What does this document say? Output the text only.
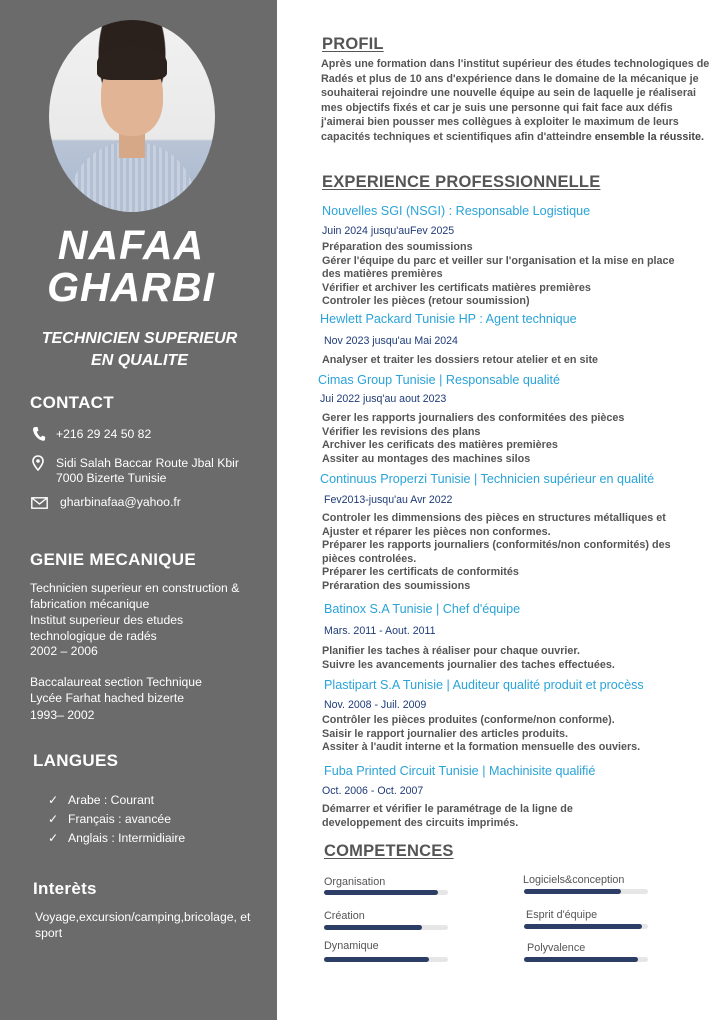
NAFAA
GHARBI
TECHNICIEN SUPERIEUR
EN QUALITE
CONTACT
+216 29 24 50 82
Sidi Salah Baccar Route Jbal Kbir
7000 Bizerte Tunisie
gharbinafaa@yahoo.fr
GENIE MECANIQUE
Technicien superieur en construction &
fabrication mécanique
Institut superieur des etudes
technologique de radés
2002 – 2006
Baccalaureat section Technique
Lycée Farhat hached bizerte
1993– 2002
LANGUES
✓ Arabe : Courant
✓ Français : avancée
✓ Anglais : Intermidiaire
Interèts
Voyage,excursion/camping,bricolage, et
sport
PROFIL
Après une formation dans l'institut supérieur des études technologiques de Radés et plus de 10 ans d'expérience dans le domaine de la mécanique je souhaiterai rejoindre une nouvelle équipe au sein de laquelle je réaliserai mes objectifs fixés et car je suis une personne qui fait face aux défis j'aimerai bien pousser mes collègues à exploiter le maximum de leurs capacités techniques et scientifiques afin d'atteindre ensemble la réussite.
EXPERIENCE PROFESSIONNELLE
Nouvelles SGI (NSGI) : Responsable Logistique
Juin 2024 jusqu'auFev 2025
Préparation des soumissions
Gérer l'équipe du parc et veiller sur l'organisation et la mise en place
des matières premières
Vérifier et archiver les certificats matières premières
Controler les pièces (retour soumission)
Hewlett Packard Tunisie HP : Agent technique
Nov 2023 jusqu'au Mai 2024
Analyser et traiter les dossiers retour atelier et en site
Cimas Group Tunisie | Responsable qualité
Jui 2022 jusq'au aout 2023
Gerer les rapports journaliers des conformitées des pièces
Vérifier les revisions des plans
Archiver les cerificats des matières premières
Assiter au montages des machines silos
Continuus Properzi Tunisie | Technicien supérieur en qualité
Fev2013-jusqu'au Avr 2022
Controler les dimmensions des pièces en structures métalliques et
Ajuster et réparer les pièces non conformes.
Préparer les rapports journaliers (conformités/non conformités) des
pièces controlées.
Préparer les certificats de conformités
Préraration des soumissions
Batinox S.A Tunisie | Chef d'équipe
Mars. 2011 - Aout. 2011
Planifier les taches à réaliser pour chaque ouvrier.
Suivre les avancements journalier des taches effectuées.
Plastipart S.A Tunisie | Auditeur qualité produit et procèss
Nov. 2008 - Juil. 2009
Contrôler les pièces produites (conforme/non conforme).
Saisir le rapport journalier des articles produits.
Assiter à l'audit interne et la formation mensuelle des ouviers.
Fuba Printed Circuit Tunisie | Machinisite qualifié
Oct. 2006 - Oct. 2007
Démarrer et vérifier le paramétrage de la ligne de
developpement des circuits imprimés.
COMPETENCES
Organisation	Logiciels&conception
Création	Esprit d'équipe
Dynamique	Polyvalence
